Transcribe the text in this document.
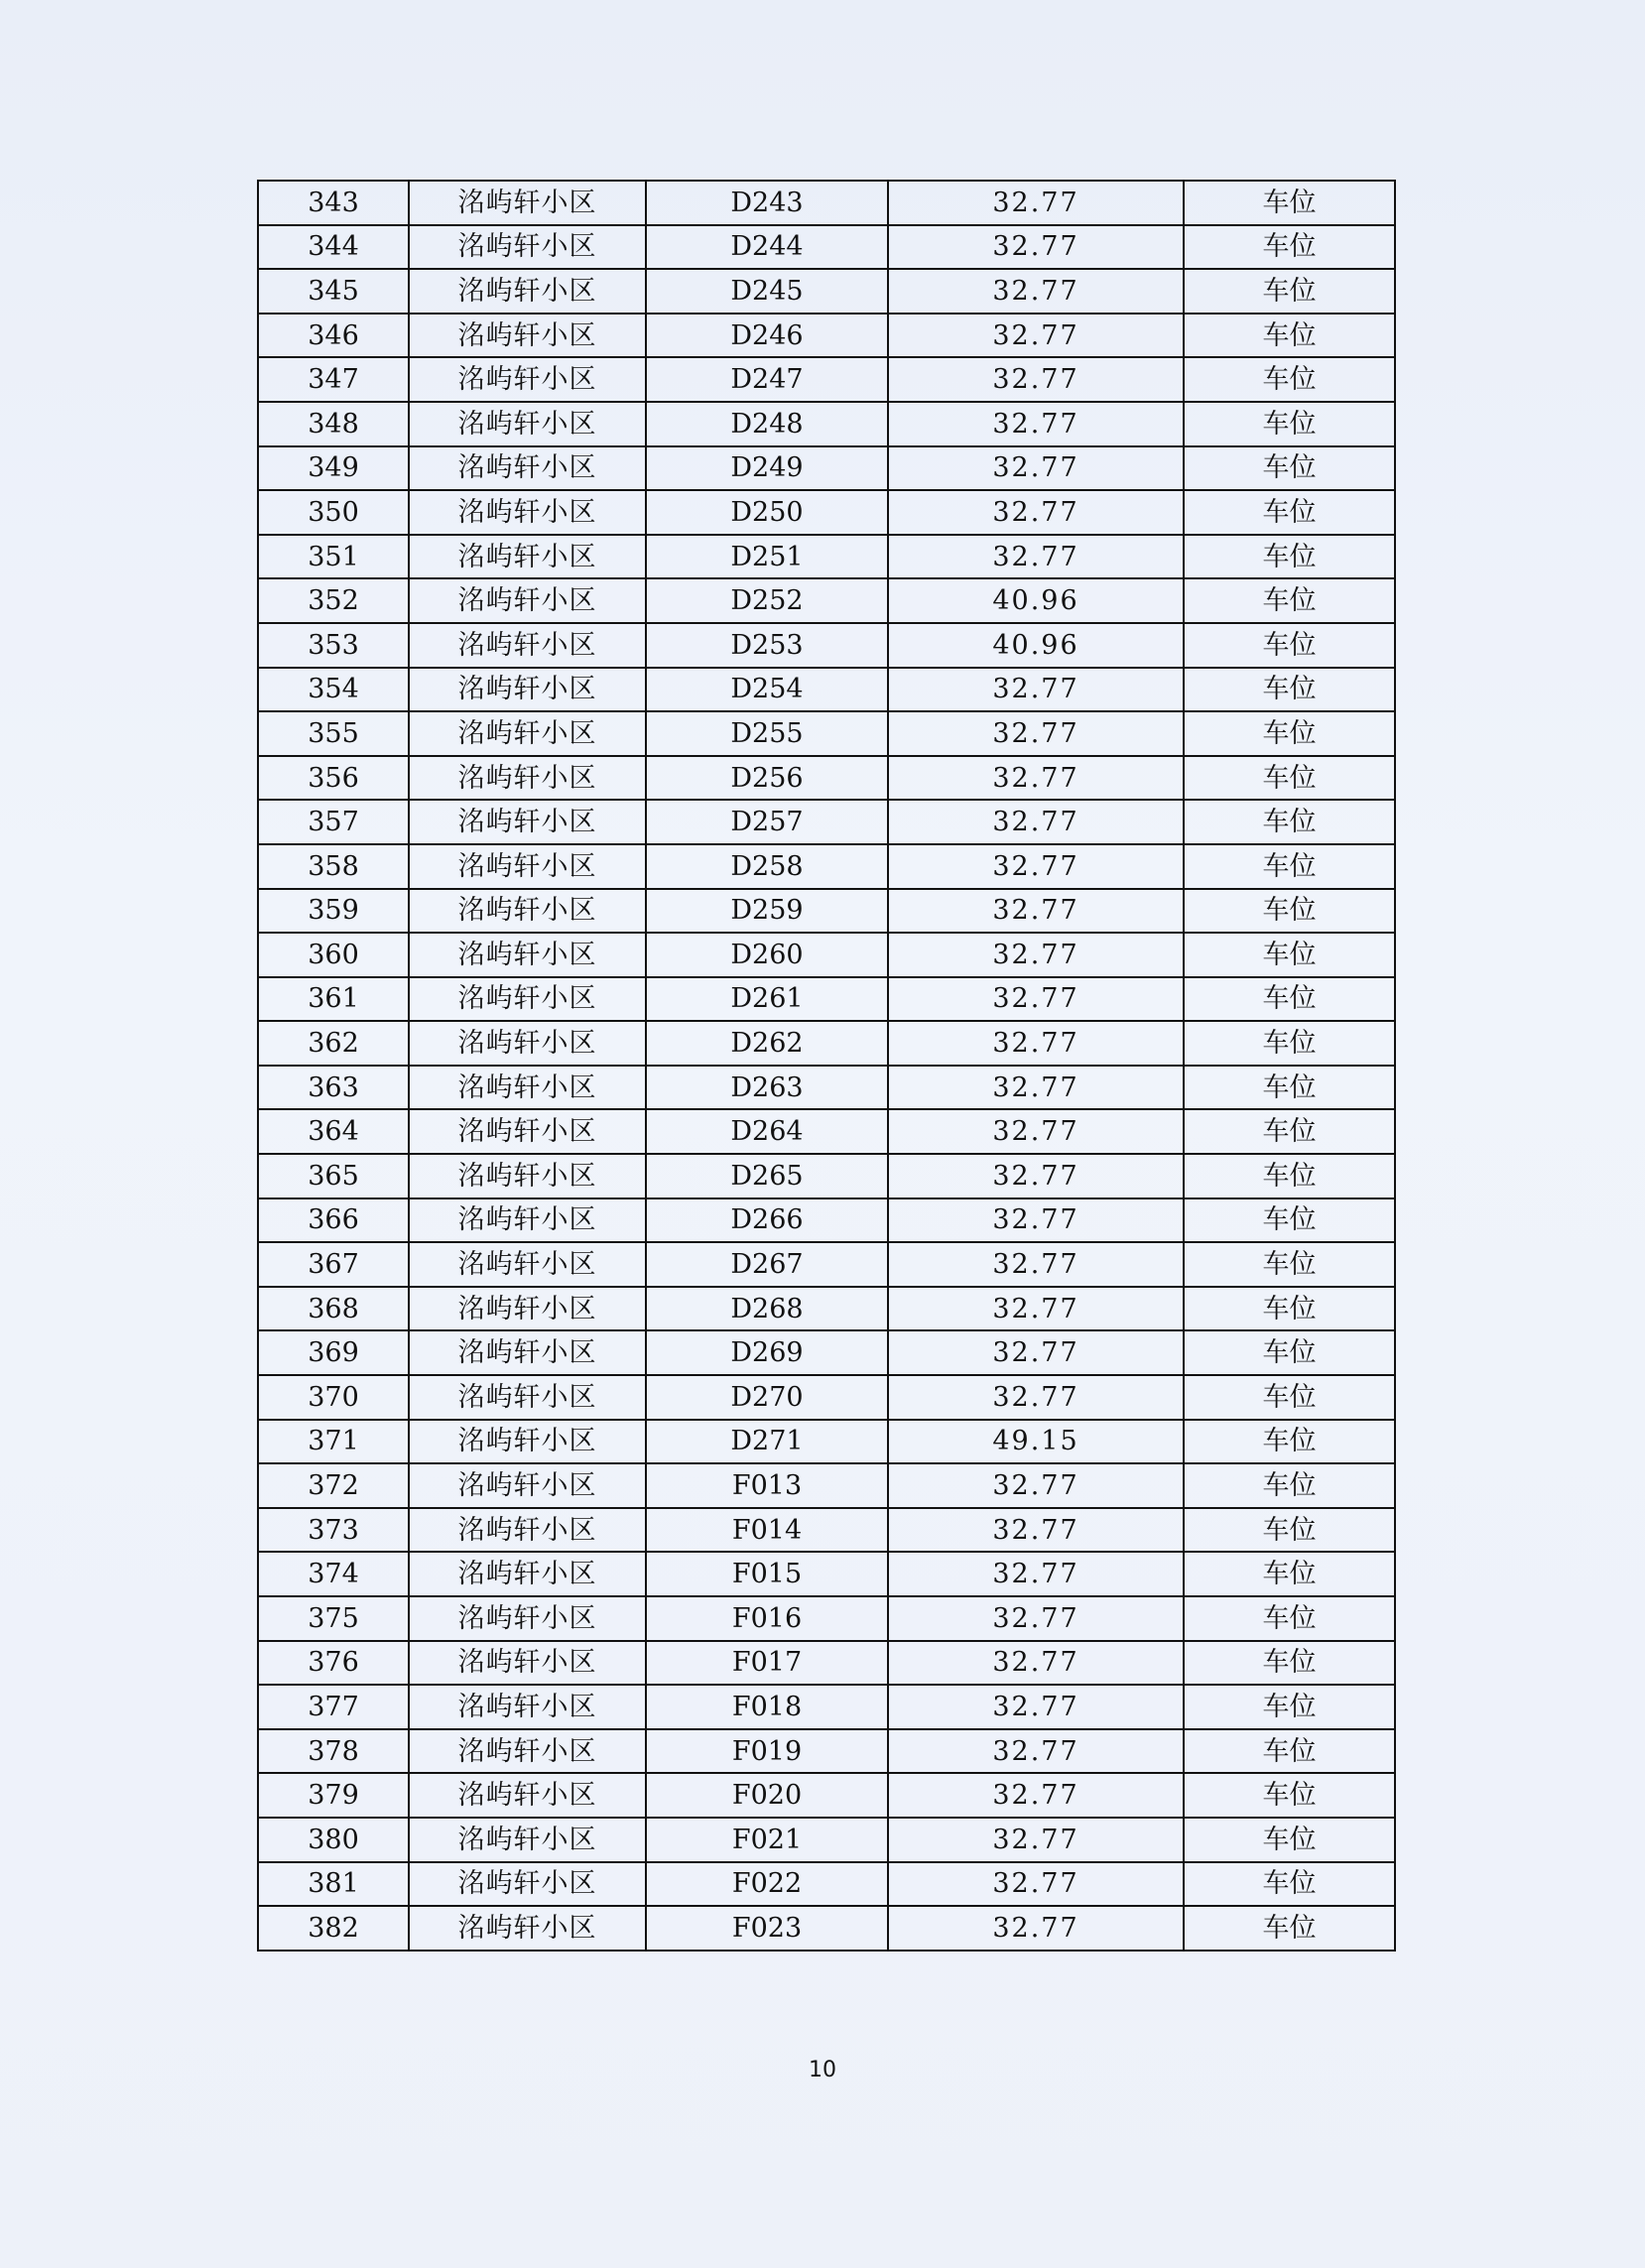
343	洺屿轩小区	D243	32.77	车位
344	洺屿轩小区	D244	32.77	车位
345	洺屿轩小区	D245	32.77	车位
346	洺屿轩小区	D246	32.77	车位
347	洺屿轩小区	D247	32.77	车位
348	洺屿轩小区	D248	32.77	车位
349	洺屿轩小区	D249	32.77	车位
350	洺屿轩小区	D250	32.77	车位
351	洺屿轩小区	D251	32.77	车位
352	洺屿轩小区	D252	40.96	车位
353	洺屿轩小区	D253	40.96	车位
354	洺屿轩小区	D254	32.77	车位
355	洺屿轩小区	D255	32.77	车位
356	洺屿轩小区	D256	32.77	车位
357	洺屿轩小区	D257	32.77	车位
358	洺屿轩小区	D258	32.77	车位
359	洺屿轩小区	D259	32.77	车位
360	洺屿轩小区	D260	32.77	车位
361	洺屿轩小区	D261	32.77	车位
362	洺屿轩小区	D262	32.77	车位
363	洺屿轩小区	D263	32.77	车位
364	洺屿轩小区	D264	32.77	车位
365	洺屿轩小区	D265	32.77	车位
366	洺屿轩小区	D266	32.77	车位
367	洺屿轩小区	D267	32.77	车位
368	洺屿轩小区	D268	32.77	车位
369	洺屿轩小区	D269	32.77	车位
370	洺屿轩小区	D270	32.77	车位
371	洺屿轩小区	D271	49.15	车位
372	洺屿轩小区	F013	32.77	车位
373	洺屿轩小区	F014	32.77	车位
374	洺屿轩小区	F015	32.77	车位
375	洺屿轩小区	F016	32.77	车位
376	洺屿轩小区	F017	32.77	车位
377	洺屿轩小区	F018	32.77	车位
378	洺屿轩小区	F019	32.77	车位
379	洺屿轩小区	F020	32.77	车位
380	洺屿轩小区	F021	32.77	车位
381	洺屿轩小区	F022	32.77	车位
382	洺屿轩小区	F023	32.77	车位
10
